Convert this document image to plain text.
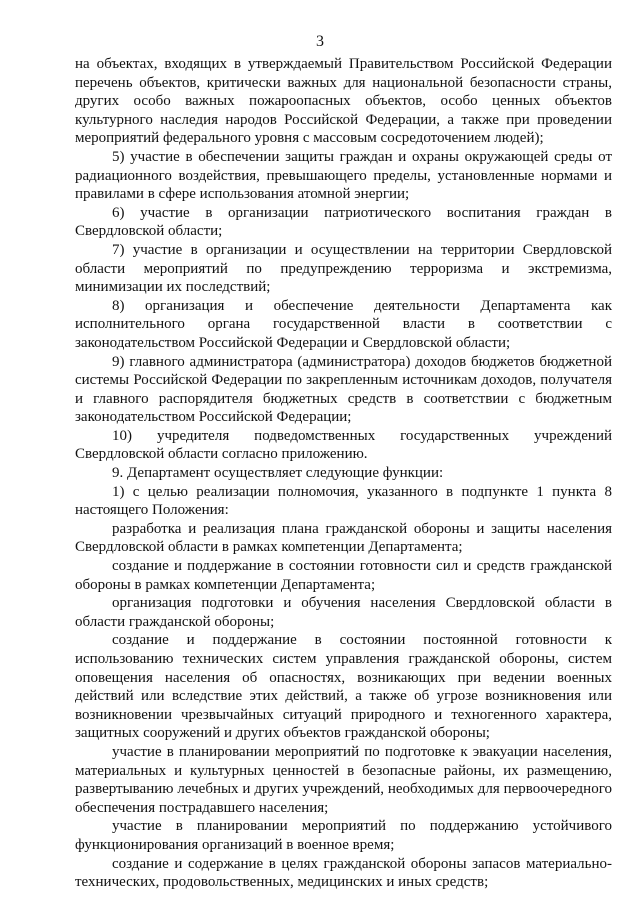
3

на объектах, входящих в утверждаемый Правительством Российской Федерации перечень объектов, критически важных для национальной безопасности страны, других особо важных пожароопасных объектов, особо ценных объектов культурного наследия народов Российской Федерации, а также при проведении мероприятий федерального уровня с массовым сосредоточением людей);

5) участие в обеспечении защиты граждан и охраны окружающей среды от радиационного воздействия, превышающего пределы, установленные нормами и правилами в сфере использования атомной энергии;

6) участие в организации патриотического воспитания граждан в Свердловской области;

7) участие в организации и осуществлении на территории Свердловской области мероприятий по предупреждению терроризма и экстремизма, минимизации их последствий;

8) организация и обеспечение деятельности Департамента как исполнительного органа государственной власти в соответствии с законодательством Российской Федерации и Свердловской области;

9) главного администратора (администратора) доходов бюджетов бюджетной системы Российской Федерации по закрепленным источникам доходов, получателя и главного распорядителя бюджетных средств в соответствии с бюджетным законодательством Российской Федерации;

10) учредителя подведомственных государственных учреждений Свердловской области согласно приложению.

9. Департамент осуществляет следующие функции:

1) с целью реализации полномочия, указанного в подпункте 1 пункта 8 настоящего Положения:

разработка и реализация плана гражданской обороны и защиты населения Свердловской области в рамках компетенции Департамента;

создание и поддержание в состоянии готовности сил и средств гражданской обороны в рамках компетенции Департамента;

организация подготовки и обучения населения Свердловской области в области гражданской обороны;

создание и поддержание в состоянии постоянной готовности к использованию технических систем управления гражданской обороны, систем оповещения населения об опасностях, возникающих при ведении военных действий или вследствие этих действий, а также об угрозе возникновения или возникновении чрезвычайных ситуаций природного и техногенного характера, защитных сооружений и других объектов гражданской обороны;

участие в планировании мероприятий по подготовке к эвакуации населения, материальных и культурных ценностей в безопасные районы, их размещению, развертыванию лечебных и других учреждений, необходимых для первоочередного обеспечения пострадавшего населения;

участие в планировании мероприятий по поддержанию устойчивого функционирования организаций в военное время;

создание и содержание в целях гражданской обороны запасов материально-технических, продовольственных, медицинских и иных средств;
